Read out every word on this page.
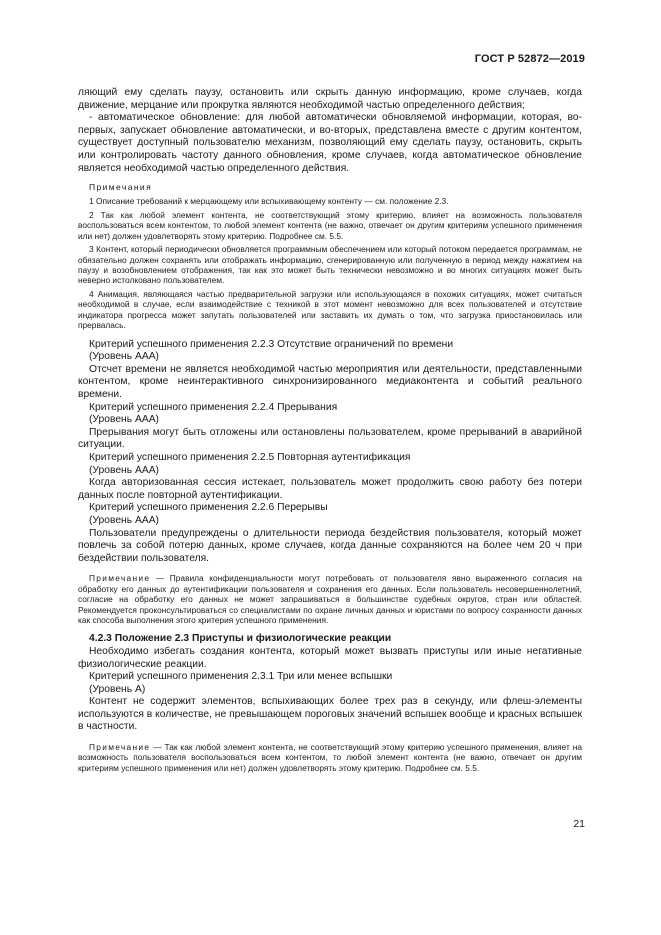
ГОСТ Р 52872—2019

ляющий ему сделать паузу, остановить или скрыть данную информацию, кроме случаев, когда движение, мерцание или прокрутка являются необходимой частью определенного действия;

- автоматическое обновление: для любой автоматически обновляемой информации, которая, во-первых, запускает обновление автоматически, и во-вторых, представлена вместе с другим контентом, существует доступный пользователю механизм, позволяющий ему сделать паузу, остановить, скрыть или контролировать частоту данного обновления, кроме случаев, когда автоматическое обновление является необходимой частью определенного действия.

Примечания

1 Описание требований к мерцающему или вспыхивающему контенту — см. положение 2.3.

2 Так как любой элемент контента, не соответствующий этому критерию, влияет на возможность пользователя воспользоваться всем контентом, то любой элемент контента (не важно, отвечает он другим критериям успешного применения или нет) должен удовлетворять этому критерию. Подробнее см. 5.5.

3 Контент, который периодически обновляется программным обеспечением или который потоком передается программам, не обязательно должен сохранять или отображать информацию, сгенерированную или полученную в период между нажатием на паузу и возобновлением отображения, так как это может быть технически невозможно и во многих ситуациях может быть неверно истолковано пользователем.

4 Анимация, являющаяся частью предварительной загрузки или использующаяся в похожих ситуациях, может считаться необходимой в случае, если взаимодействие с техникой в этот момент невозможно для всех пользователей и отсутствие индикатора прогресса может запутать пользователей или заставить их думать о том, что загрузка приостановилась или прервалась.

Критерий успешного применения 2.2.3 Отсутствие ограничений по времени

(Уровень ААА)

Отсчет времени не является необходимой частью мероприятия или деятельности, представленными контентом, кроме неинтерактивного синхронизированного медиаконтента и событий реального времени.

Критерий успешного применения 2.2.4 Прерывания

(Уровень ААА)

Прерывания могут быть отложены или остановлены пользователем, кроме прерываний в аварийной ситуации.

Критерий успешного применения 2.2.5 Повторная аутентификация

(Уровень ААА)

Когда авторизованная сессия истекает, пользователь может продолжить свою работу без потери данных после повторной аутентификации.

Критерий успешного применения 2.2.6 Перерывы

(Уровень ААА)

Пользователи предупреждены о длительности периода бездействия пользователя, который может повлечь за собой потерю данных, кроме случаев, когда данные сохраняются на более чем 20 ч при бездействии пользователя.

Примечание — Правила конфиденциальности могут потребовать от пользователя явно выраженного согласия на обработку его данных до аутентификации пользователя и сохранения его данных. Если пользователь несовершеннолетний, согласие на обработку его данных не может запрашиваться в большинстве судебных округов, стран или областей. Рекомендуется проконсультироваться со специалистами по охране личных данных и юристами по вопросу сохранности данных как способа выполнения этого критерия успешного применения.

4.2.3 Положение 2.3 Приступы и физиологические реакции

Необходимо избегать создания контента, который может вызвать приступы или иные негативные физиологические реакции.

Критерий успешного применения 2.3.1 Три или менее вспышки

(Уровень А)

Контент не содержит элементов, вспыхивающих более трех раз в секунду, или флеш-элементы используются в количестве, не превышающем пороговых значений вспышек вообще и красных вспышек в частности.

Примечание — Так как любой элемент контента, не соответствующий этому критерию успешного применения, влияет на возможность пользователя воспользоваться всем контентом, то любой элемент контента (не важно, отвечает он другим критериям успешного применения или нет) должен удовлетворять этому критерию. Подробнее см. 5.5.

21
